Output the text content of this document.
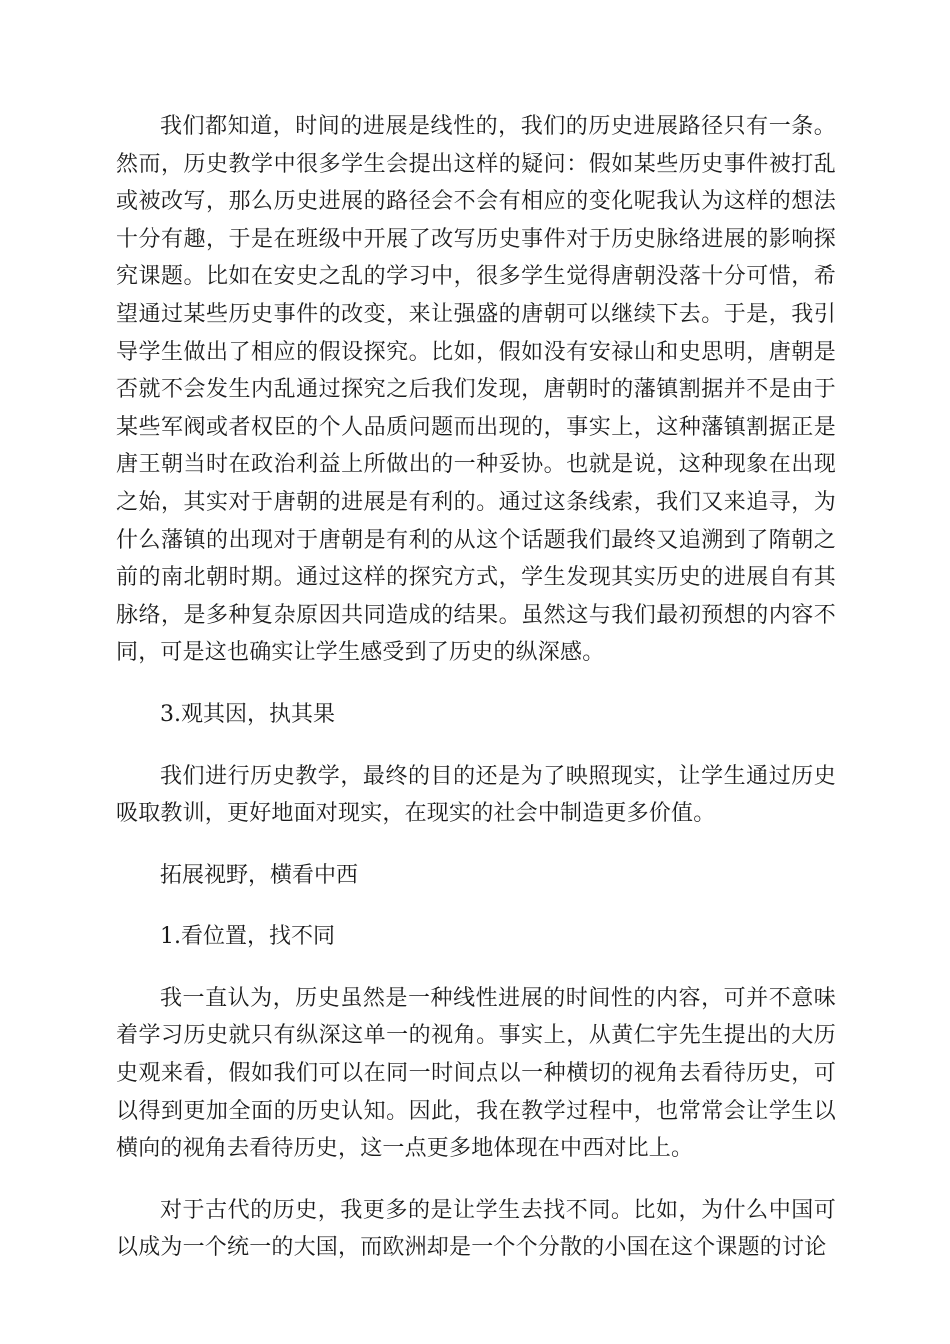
我们都知道，时间的进展是线性的，我们的历史进展路径只有一条。然而，历史教学中很多学生会提出这样的疑问：假如某些历史事件被打乱或被改写，那么历史进展的路径会不会有相应的变化呢我认为这样的想法十分有趣，于是在班级中开展了改写历史事件对于历史脉络进展的影响探究课题。比如在安史之乱的学习中，很多学生觉得唐朝没落十分可惜，希望通过某些历史事件的改变，来让强盛的唐朝可以继续下去。于是，我引导学生做出了相应的假设探究。比如，假如没有安禄山和史思明，唐朝是否就不会发生内乱通过探究之后我们发现，唐朝时的藩镇割据并不是由于某些军阀或者权臣的个人品质问题而出现的，事实上，这种藩镇割据正是唐王朝当时在政治利益上所做出的一种妥协。也就是说，这种现象在出现之始，其实对于唐朝的进展是有利的。通过这条线索，我们又来追寻，为什么藩镇的出现对于唐朝是有利的从这个话题我们最终又追溯到了隋朝之前的南北朝时期。通过这样的探究方式，学生发现其实历史的进展自有其脉络，是多种复杂原因共同造成的结果。虽然这与我们最初预想的内容不同，可是这也确实让学生感受到了历史的纵深感。

3.观其因，执其果

我们进行历史教学，最终的目的还是为了映照现实，让学生通过历史吸取教训，更好地面对现实，在现实的社会中制造更多价值。

拓展视野，横看中西

1.看位置，找不同

我一直认为，历史虽然是一种线性进展的时间性的内容，可并不意味着学习历史就只有纵深这单一的视角。事实上，从黄仁宇先生提出的大历史观来看，假如我们可以在同一时间点以一种横切的视角去看待历史，可以得到更加全面的历史认知。因此，我在教学过程中，也常常会让学生以横向的视角去看待历史，这一点更多地体现在中西对比上。

对于古代的历史，我更多的是让学生去找不同。比如，为什么中国可以成为一个统一的大国，而欧洲却是一个个分散的小国在这个课题的讨论
